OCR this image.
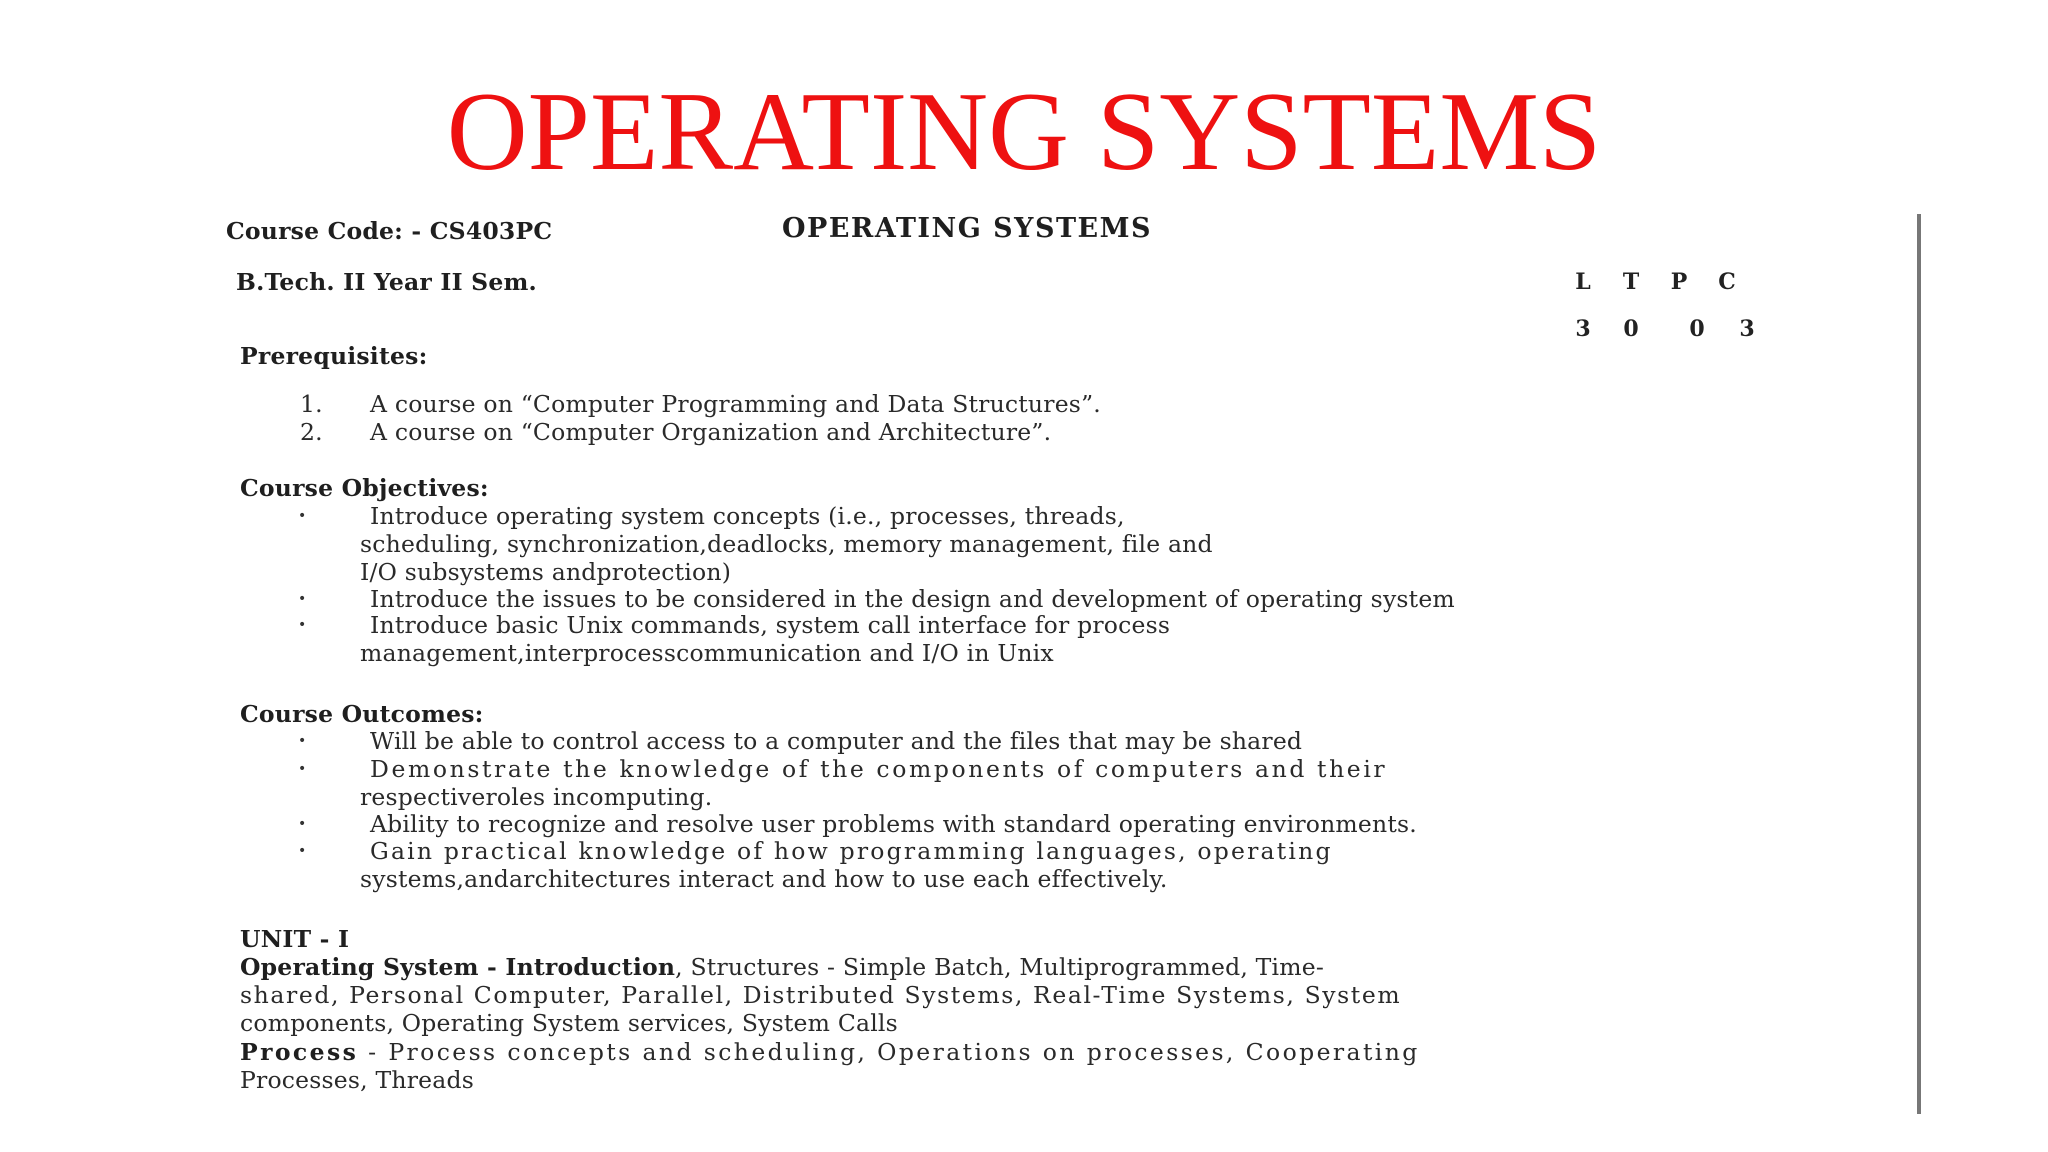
OPERATING SYSTEMS
Course Code: - CS403PC	OPERATING SYSTEMS
B.Tech. II Year II Sem.	L	T	P	C
3	0	0	3
Prerequisites:
1. A course on “Computer Programming and Data Structures”.
2. A course on “Computer Organization and Architecture”.
Course Objectives:
•	Introduce operating system concepts (i.e., processes, threads,
scheduling, synchronization,deadlocks, memory management, file and
I/O subsystems andprotection)
•	Introduce the issues to be considered in the design and development of operating system
•	Introduce basic Unix commands, system call interface for process
management,interprocesscommunication and I/O in Unix
Course Outcomes:
•	Will be able to control access to a computer and the files that may be shared
•	Demonstrate the knowledge of the components of computers and their
respectiveroles incomputing.
•	Ability to recognize and resolve user problems with standard operating environments.
•	Gain practical knowledge of how programming languages, operating
systems,andarchitectures interact and how to use each effectively.
UNIT - I
Operating System - Introduction, Structures - Simple Batch, Multiprogrammed, Time-
shared, Personal Computer, Parallel, Distributed Systems, Real-Time Systems, System
components, Operating System services, System Calls
Process - Process concepts and scheduling, Operations on processes, Cooperating
Processes, Threads
